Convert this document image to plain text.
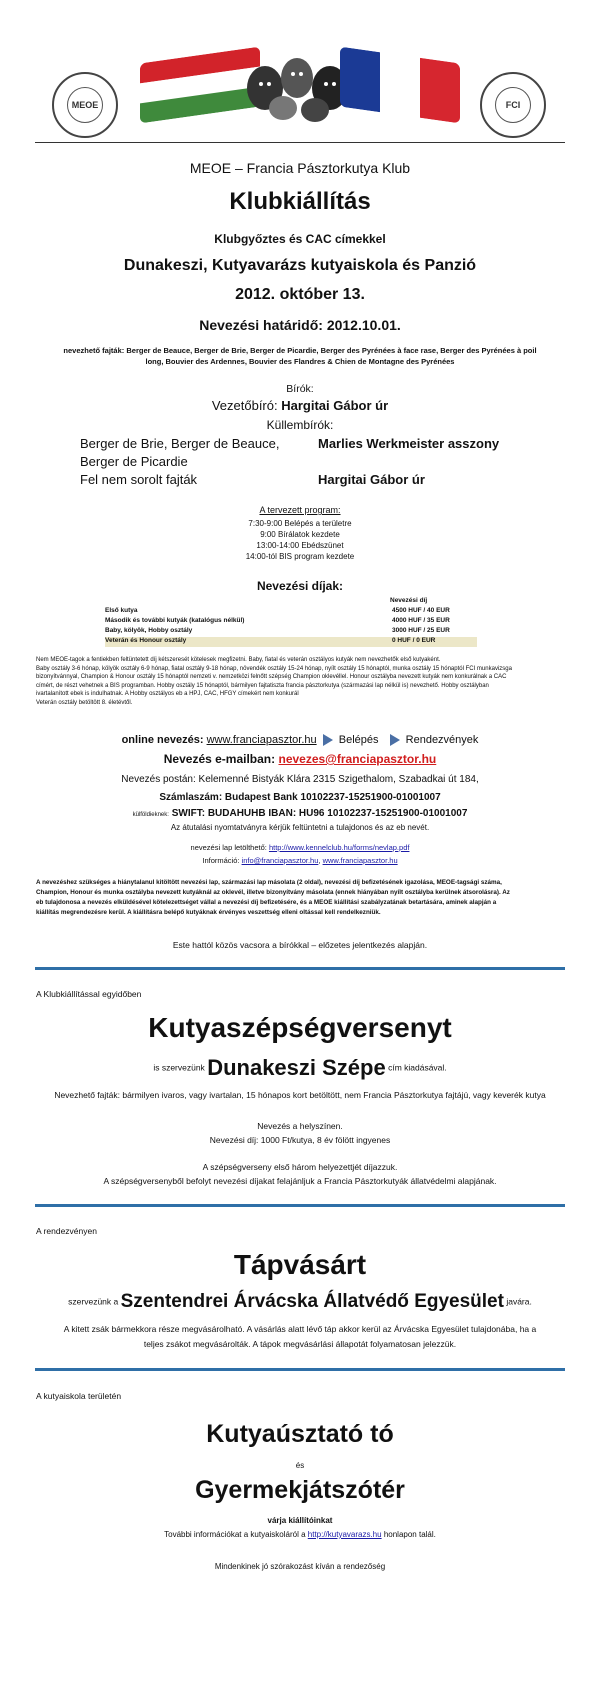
MEOE	FCI
MEOE – Francia Pásztorkutya Klub
Klubkiállítás
Klubgyőztes és CAC címekkel
Dunakeszi, Kutyavarázs kutyaiskola és Panzió
2012. október 13.
Nevezési határidő: 2012.10.01.
nevezhető fajták: Berger de Beauce, Berger de Brie, Berger de Picardie, Berger des Pyrénées à face rase, Berger des Pyrénées à poil
long, Bouvier des Ardennes, Bouvier des Flandres & Chien de Montagne des Pyrénées
Bírók:
Vezetőbíró: Hargitai Gábor úr
Küllembírók:
Berger de Brie, Berger de Beauce,	Marlies Werkmeister asszony
Berger de Picardie
Fel nem sorolt fajták	Hargitai Gábor úr
A tervezett program:
7:30-9:00 Belépés a területre
9:00 Bírálatok kezdete
13:00-14:00 Ebédszünet
14:00-tól BIS program kezdete
Nevezési díjak:
Nevezési díj
Első kutya	4500 HUF / 40 EUR
Második és további kutyák (katalógus nélkül)	4000 HUF / 35 EUR
Baby, kölyök, Hobby osztály	3000 HUF / 25 EUR
Veterán és Honour osztály	0 HUF / 0 EUR
Nem MEOE-tagok a fentiekben feltüntetett díj kétszeresét kötelesek megfizetni. Baby, fiatal és veterán osztályos kutyák nem nevezhetők első kutyaként.
Baby osztály 3-6 hónap, kölyök osztály 6-9 hónap, fiatal osztály 9-18 hónap, növendék osztály 15-24 hónap, nyílt osztály 15 hónaptól, munka osztály 15 hónaptól FCI munkavizsga
bizonyítvánnyal, Champion & Honour osztály 15 hónaptól nemzeti v. nemzetközi felnőtt szépség Champion oklevéllel. Honour osztályba nevezett kutyák nem konkurálnak a CAC
címért, de részt vehetnek a BIS programban. Hobby osztály 15 hónaptól, bármilyen fajtatiszta francia pásztorkutya (származási lap nélkül is) nevezhető. Hobby osztályban
ivartalanított ebek is indulhatnak. A Hobby osztályos eb a HPJ, CAC, HFGY címekért nem konkurál
Veterán osztály betöltött 8. életévtől.
online nevezés: www.franciapasztor.hu Belépés Rendezvények
Nevezés e-mailban: nevezes@franciapasztor.hu
Nevezés postán: Kelemenné Bistyák Klára 2315 Szigethalom, Szabadkai út 184,
Számlaszám: Budapest Bank 10102237-15251900-01001007
külföldieknek: SWIFT: BUDAHUHB IBAN: HU96 10102237-15251900-01001007
Az átutalási nyomtatványra kérjük feltüntetni a tulajdonos és az eb nevét.
nevezési lap letölthető: http://www.kennelclub.hu/forms/nevlap.pdf
Információ: info@franciapasztor.hu, www.franciapasztor.hu
A nevezéshez szükséges a hiánytalanul kitöltött nevezési lap, származási lap másolata (2 oldal), nevezési díj befizetésének igazolása, MEOE-tagsági száma,
Champion, Honour és munka osztályba nevezett kutyáknál az oklevél, illetve bizonyítvány másolata (ennek hiányában nyílt osztályba kerülnek átsorolásra). Az
eb tulajdonosa a nevezés elküldésével kötelezettséget vállal a nevezési díj befizetésére, és a MEOE kiállítási szabályzatának betartására, aminek alapján a
kiállítás megrendezésre kerül. A kiállításra belépő kutyáknak érvényes veszettség elleni oltással kell rendelkezniük.
Este hattól közös vacsora a bírókkal – előzetes jelentkezés alapján.
A Klubkiállítással egyidőben
Kutyaszépségversenyt
is szervezünk Dunakeszi Szépe cím kiadásával.
Nevezhető fajták: bármilyen ivaros, vagy ivartalan, 15 hónapos kort betöltött, nem Francia Pásztorkutya fajtájú, vagy keverék kutya
Nevezés a helyszínen.
Nevezési díj: 1000 Ft/kutya, 8 év fölött ingyenes
A szépségverseny első három helyezettjét díjazzuk.
A szépségversenyből befolyt nevezési díjakat felajánljuk a Francia Pásztorkutyák állatvédelmi alapjának.
A rendezvényen
Tápvásárt
szervezünk a Szentendrei Árvácska Állatvédő Egyesület javára.
A kitett zsák bármekkora része megvásárolható. A vásárlás alatt lévő táp akkor kerül az Árvácska Egyesület tulajdonába, ha a
teljes zsákot megvásárolták. A tápok megvásárlási állapotát folyamatosan jelezzük.
A kutyaiskola területén
Kutyaúsztató tó
és
Gyermekjátszótér
várja kiállítóinkat
További információkat a kutyaiskoláról a http://kutyavarazs.hu honlapon talál.
Mindenkinek jó szórakozást kíván a rendezőség
